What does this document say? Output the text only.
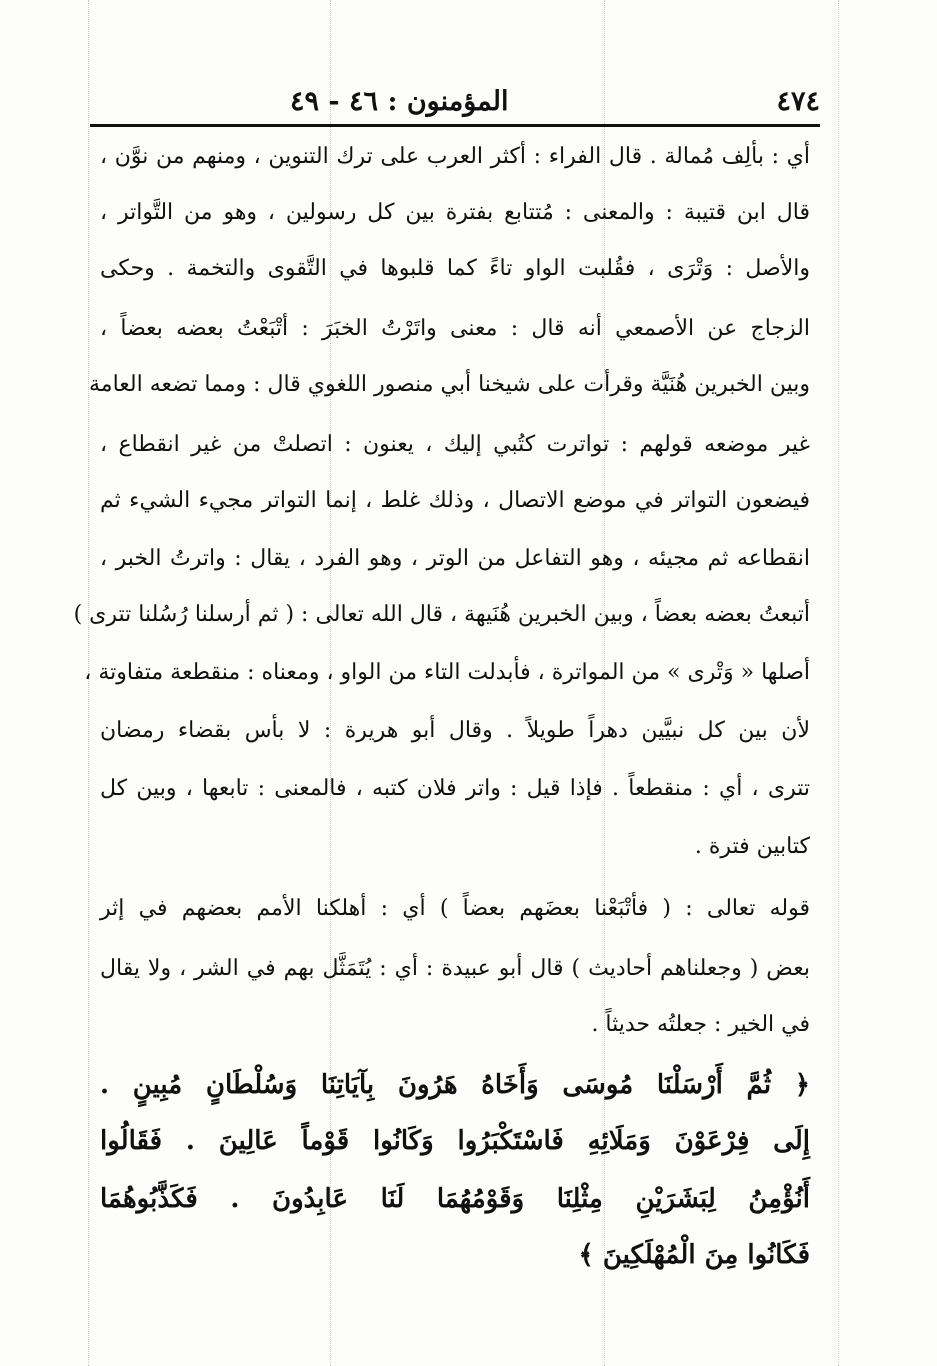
٤٧٤
المؤمنون : ٤٦ - ٤٩
أي : بألِف مُمالة . قال الفراء : أكثر العرب على ترك التنوين ، ومنهم من نوَّن ،
قال ابن قتيبة : والمعنى : مُتتابع بفترة بين كل رسولين ، وهو من التَّواتر ،
والأصل : وَتْرَى ، فقُلبت الواو تاءً كما قلبوها في التَّقوى والتخمة . وحكى
الزجاج عن الأصمعي أنه قال : معنى واتَرْتُ الخبَرَ : أتْبَعْتُ بعضه بعضاً ،
وبين الخبرين هُنَيَّة وقرأت على شيخنا أبي منصور اللغوي قال : ومما تضعه العامة
غير موضعه قولهم : تواترت كتُبي إليك ، يعنون : اتصلتْ من غير انقطاع ،
فيضعون التواتر في موضع الاتصال ، وذلك غلط ، إنما التواتر مجيء الشيء ثم
انقطاعه ثم مجيئه ، وهو التفاعل من الوتر ، وهو الفرد ، يقال : واترتُ الخبر ،
أتبعتُ بعضه بعضاً ، وبين الخبرين هُنَيهة ، قال الله تعالى : ( ثم أرسلنا رُسُلنا تترى )
أصلها « وَتْرى » من المواترة ، فأبدلت التاء من الواو ، ومعناه : منقطعة متفاوتة ،
لأن بين كل نبيَّين دهراً طويلاً . وقال أبو هريرة : لا بأس بقضاء رمضان
تترى ، أي : منقطعاً . فإذا قيل : واتر فلان كتبه ، فالمعنى : تابعها ، وبين كل
كتابين فترة .
قوله تعالى : ( فأتْبَعْنا بعضَهم بعضاً ) أي : أهلكنا الأمم بعضهم في إثر
بعض ( وجعلناهم أحاديث ) قال أبو عبيدة : أي : يُتَمَثَّل بهم في الشر ، ولا يقال
في الخير : جعلتُه حديثاً .
﴿ ثُمَّ أَرْسَلْنَا مُوسَى وَأَخَاهُ هَرُونَ بِآيَاتِنَا وَسُلْطَانٍ مُبِينٍ .
إِلَى فِرْعَوْنَ وَمَلَائِهِ فَاسْتَكْبَرُوا وَكَانُوا قَوْماً عَالِينَ . فَقَالُوا
أَنُؤْمِنُ لِبَشَرَيْنِ مِثْلِنَا وَقَوْمُهُمَا لَنَا عَابِدُونَ . فَكَذَّبُوهُمَا
فَكَانُوا مِنَ الْمُهْلَكِينَ ﴾
